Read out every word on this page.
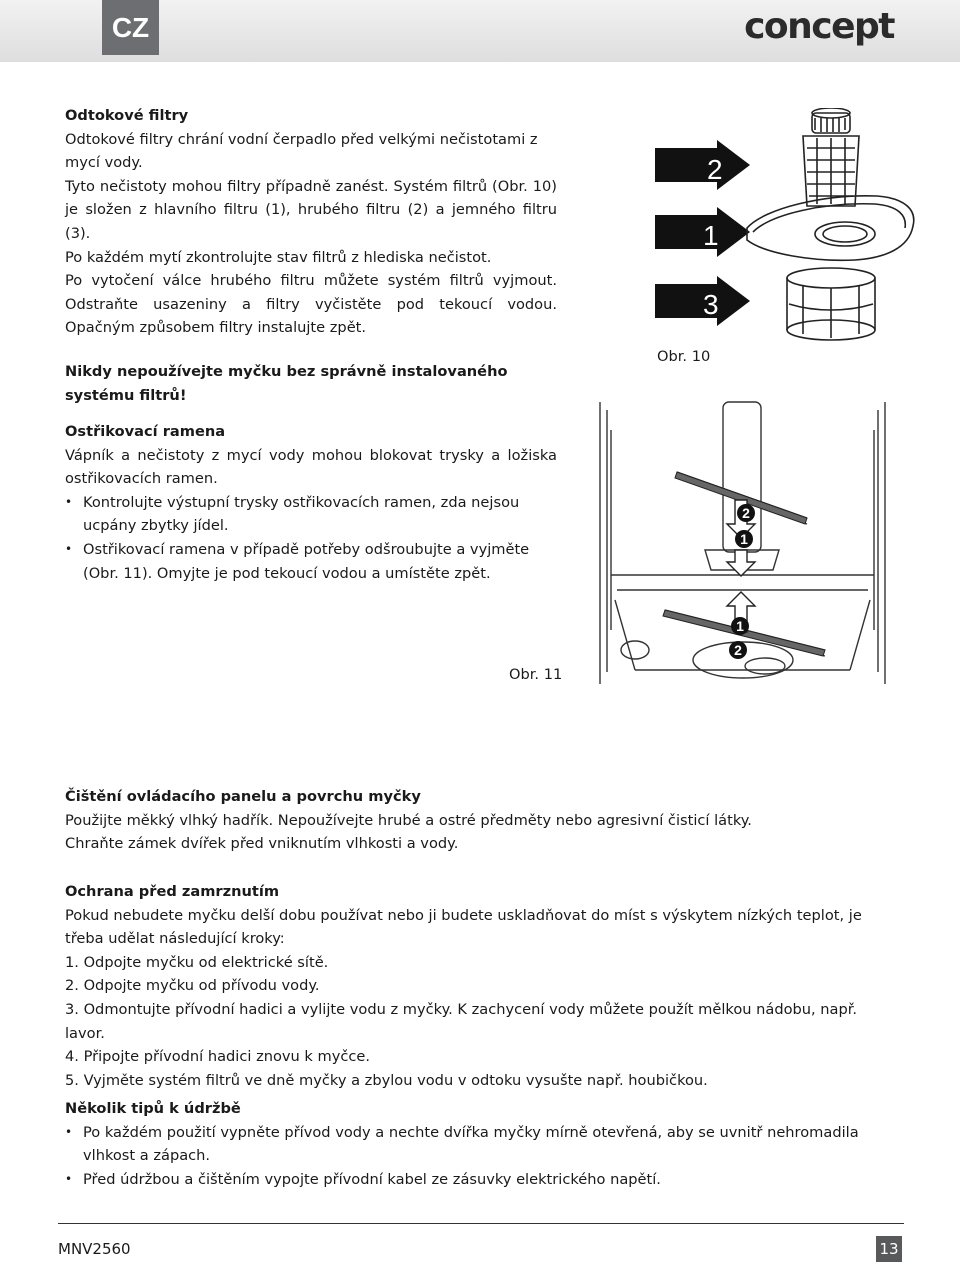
CZ	concept
Odtokové filtry

Odtokové filtry chrání vodní čerpadlo před velkými nečistotami z mycí vody.

Tyto nečistoty mohou filtry případně zanést. Systém filtrů (Obr. 10) je složen z hlavního filtru (1), hrubého filtru (2) a jemného filtru (3).

Po každém mytí zkontrolujte stav filtrů z hlediska nečistot.

Po vytočení válce hrubého filtru můžete systém filtrů vyjmout. Odstraňte usazeniny a filtry vyčistěte pod tekoucí vodou. Opačným způsobem filtry instalujte zpět.

Nikdy nepoužívejte myčku bez správně instalovaného systému filtrů!

2
1
3
Obr. 10
Ostřikovací ramena

Vápník a nečistoty z mycí vody mohou blokovat trysky a ložiska ostřikovacích ramen.

• Kontrolujte výstupní trysky ostřikovacích ramen, zda nejsou ucpány zbytky jídel.
• Ostřikovací ramena v případě potřeby odšroubujte a vyjměte (Obr. 11). Omyjte je pod tekoucí vodou a umístěte zpět.
2
1
1
2
Obr. 11
Čištění ovládacího panelu a povrchu myčky

Použijte měkký vlhký hadřík. Nepoužívejte hrubé a ostré předměty nebo agresivní čisticí látky.

Chraňte zámek dvířek před vniknutím vlhkosti a vody.

Ochrana před zamrznutím

Pokud nebudete myčku delší dobu používat nebo ji budete uskladňovat do míst s výskytem nízkých teplot, je třeba udělat následující kroky:

1. Odpojte myčku od elektrické sítě.
2. Odpojte myčku od přívodu vody.
3. Odmontujte přívodní hadici a vylijte vodu z myčky. K zachycení vody můžete použít mělkou nádobu, např. lavor.
4. Připojte přívodní hadici znovu k myčce.
5. Vyjměte systém filtrů ve dně myčky a zbylou vodu v odtoku vysušte např. houbičkou.
Několik tipů k údržbě
• Po každém použití vypněte přívod vody a nechte dvířka myčky mírně otevřená, aby se uvnitř nehromadila vlhkost a zápach.
• Před údržbou a čištěním vypojte přívodní kabel ze zásuvky elektrického napětí.
MNV2560	13
